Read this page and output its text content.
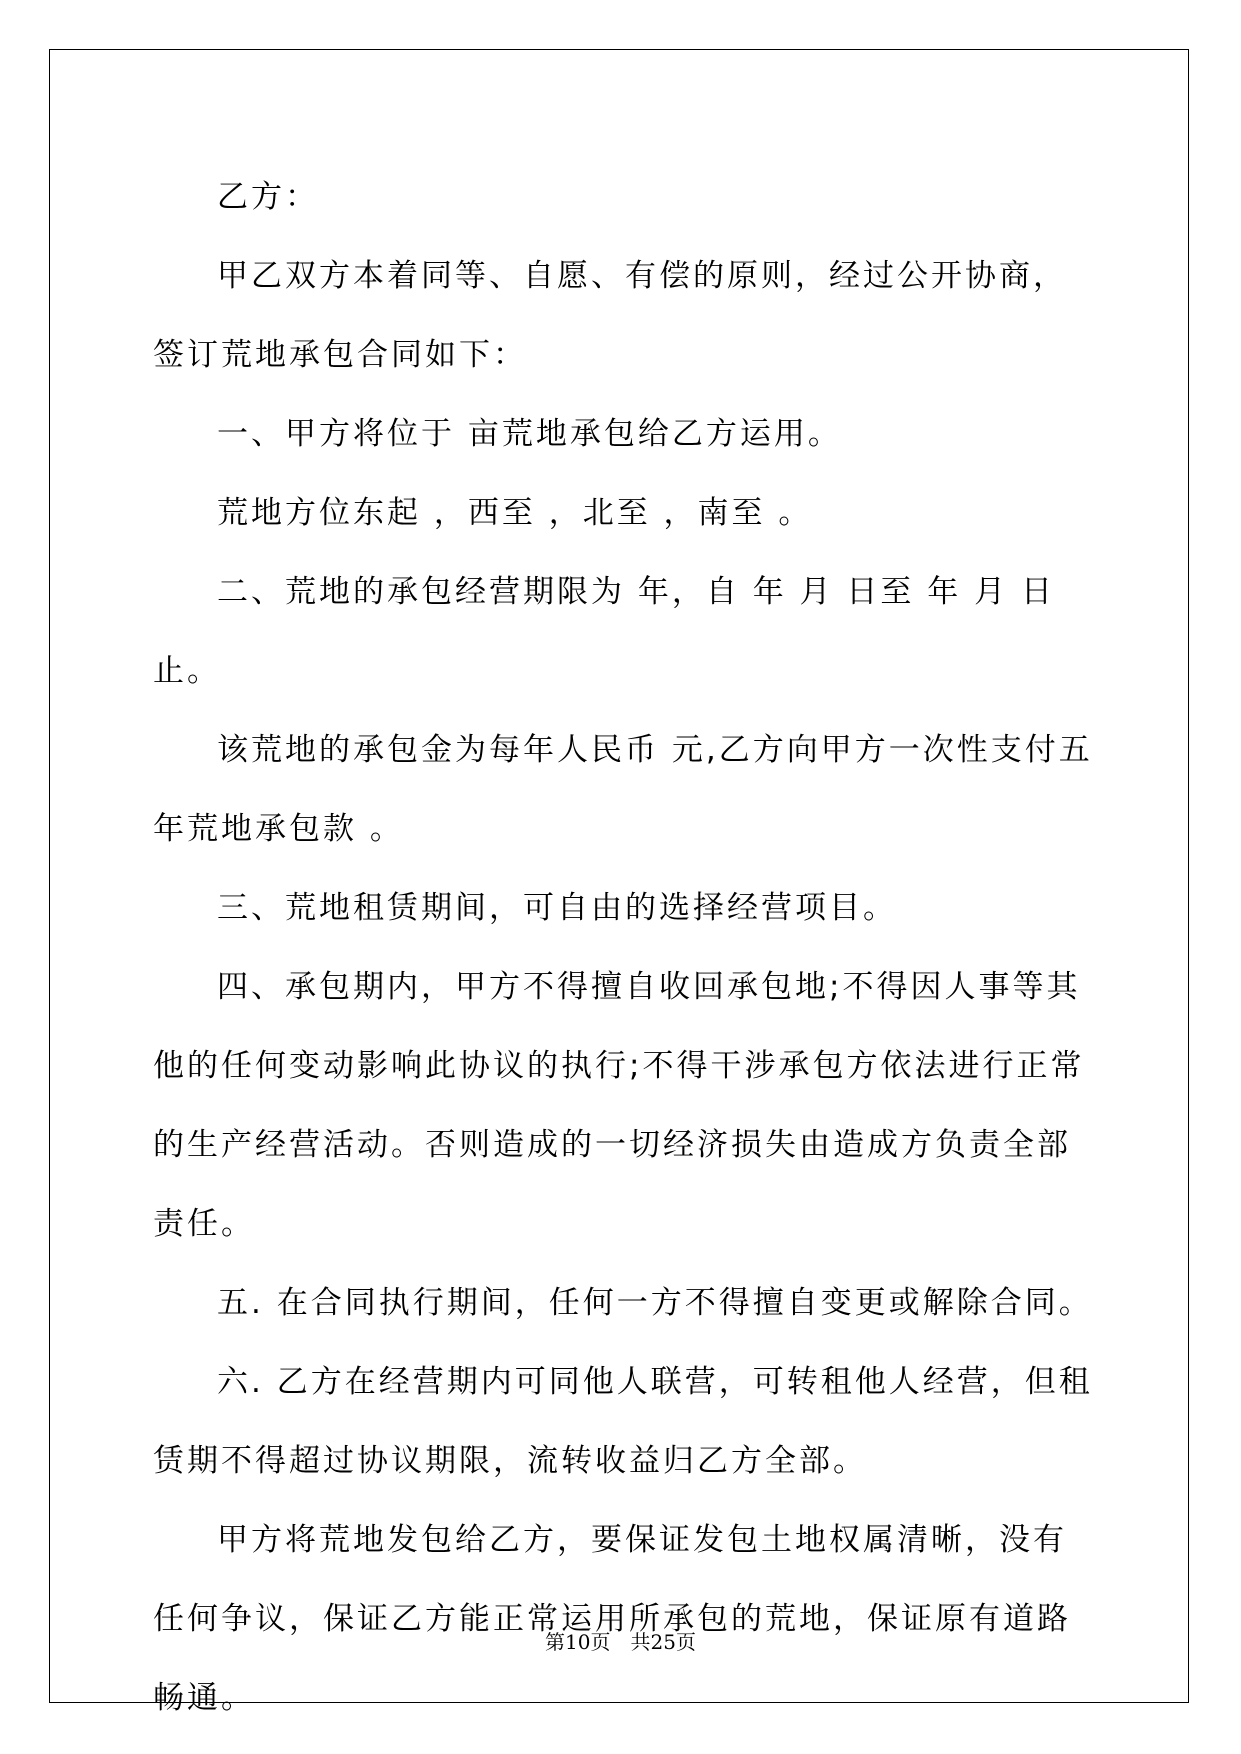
乙方：

甲乙双方本着同等、自愿、有偿的原则，经过公开协商，签订荒地承包合同如下：

一、甲方将位于 亩荒地承包给乙方运用。

荒地方位东起 ，西至 ，北至 ，南至 。

二、荒地的承包经营期限为 年，自 年 月 日至 年 月 日止。

该荒地的承包金为每年人民币 元,乙方向甲方一次性支付五年荒地承包款 。

三、荒地租赁期间，可自由的选择经营项目。

四、承包期内，甲方不得擅自收回承包地;不得因人事等其他的任何变动影响此协议的执行;不得干涉承包方依法进行正常的生产经营活动。否则造成的一切经济损失由造成方负责全部责任。

五. 在合同执行期间，任何一方不得擅自变更或解除合同。

六. 乙方在经营期内可同他人联营，可转租他人经营，但租赁期不得超过协议期限，流转收益归乙方全部。

甲方将荒地发包给乙方，要保证发包土地权属清晰，没有任何争议，保证乙方能正常运用所承包的荒地，保证原有道路畅通。

第10页　共25页
